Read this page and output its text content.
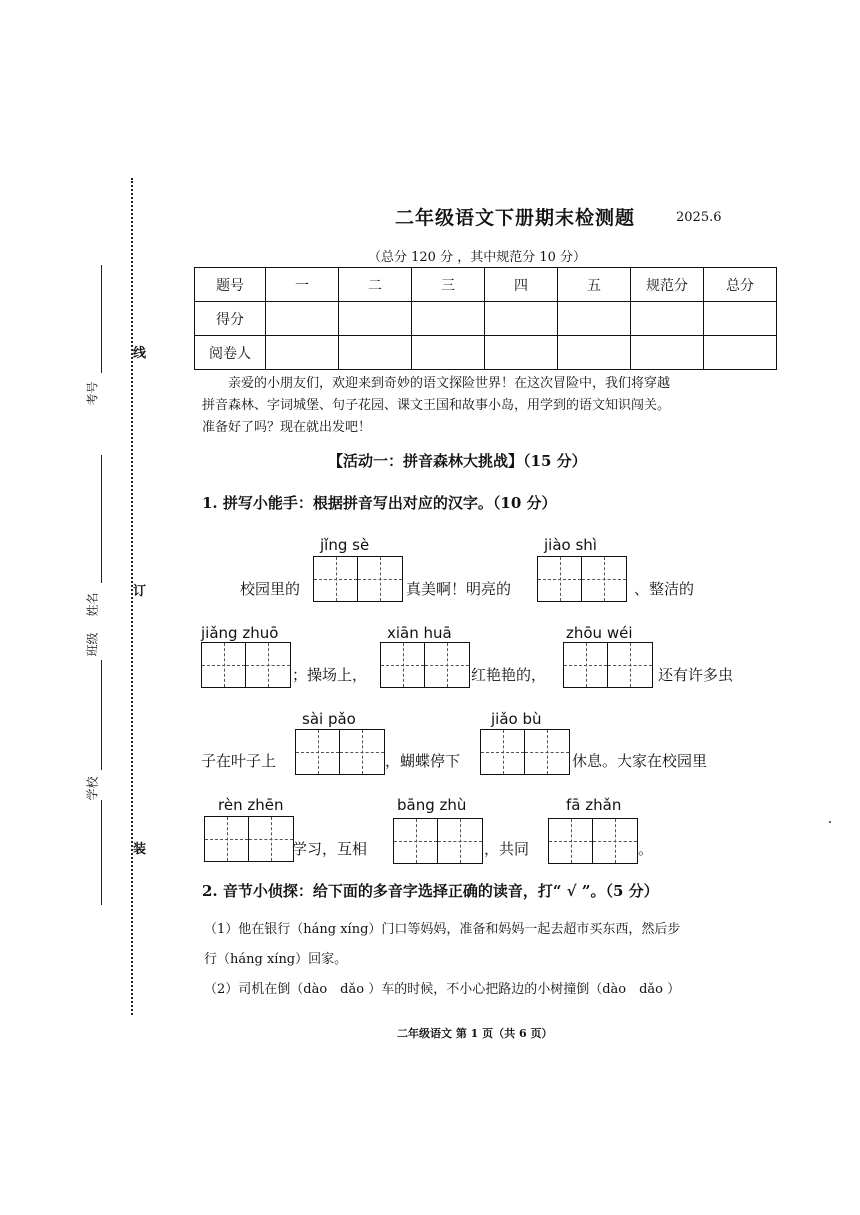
线
订
装
考号
姓名
班级
学校
二年级语文下册期末检测题	2025.6
（总分 120 分 ，其中规范分 10 分）
题号	一	二	三	四	五	规范分	总分
得分							
阅卷人							
亲爱的小朋友们，欢迎来到奇妙的语文探险世界！在这次冒险中，我们将穿越
拼音森林、字词城堡、句子花园、课文王国和故事小岛，用学到的语文知识闯关。
准备好了吗？现在就出发吧！
【活动一：拼音森林大挑战】（15 分）
1. 拼写小能手：根据拼音写出对应的汉字。（10 分）
jǐng sè	jiào shì
校园里的	真美啊！明亮的	、整洁的
jiǎng zhuō	xiān huā	zhōu wéi
；操场上，	红艳艳的，	还有许多虫
sài pǎo	jiǎo bù
子在叶子上	，蝴蝶停下	休息。大家在校园里
rèn zhēn	bāng zhù	fā zhǎn
学习，互相	，共同	。
2. 音节小侦探：给下面的多音字选择正确的读音，打“ √ ”。（5 分）
（1）他在银行（háng xíng）门口等妈妈，准备和妈妈一起去超市买东西，然后步
行（háng xíng）回家。
（2）司机在倒（dào　dǎo ）车的时候，不小心把路边的小树撞倒（dào　dǎo ）
二年级语文 第 1 页（共 6 页）
